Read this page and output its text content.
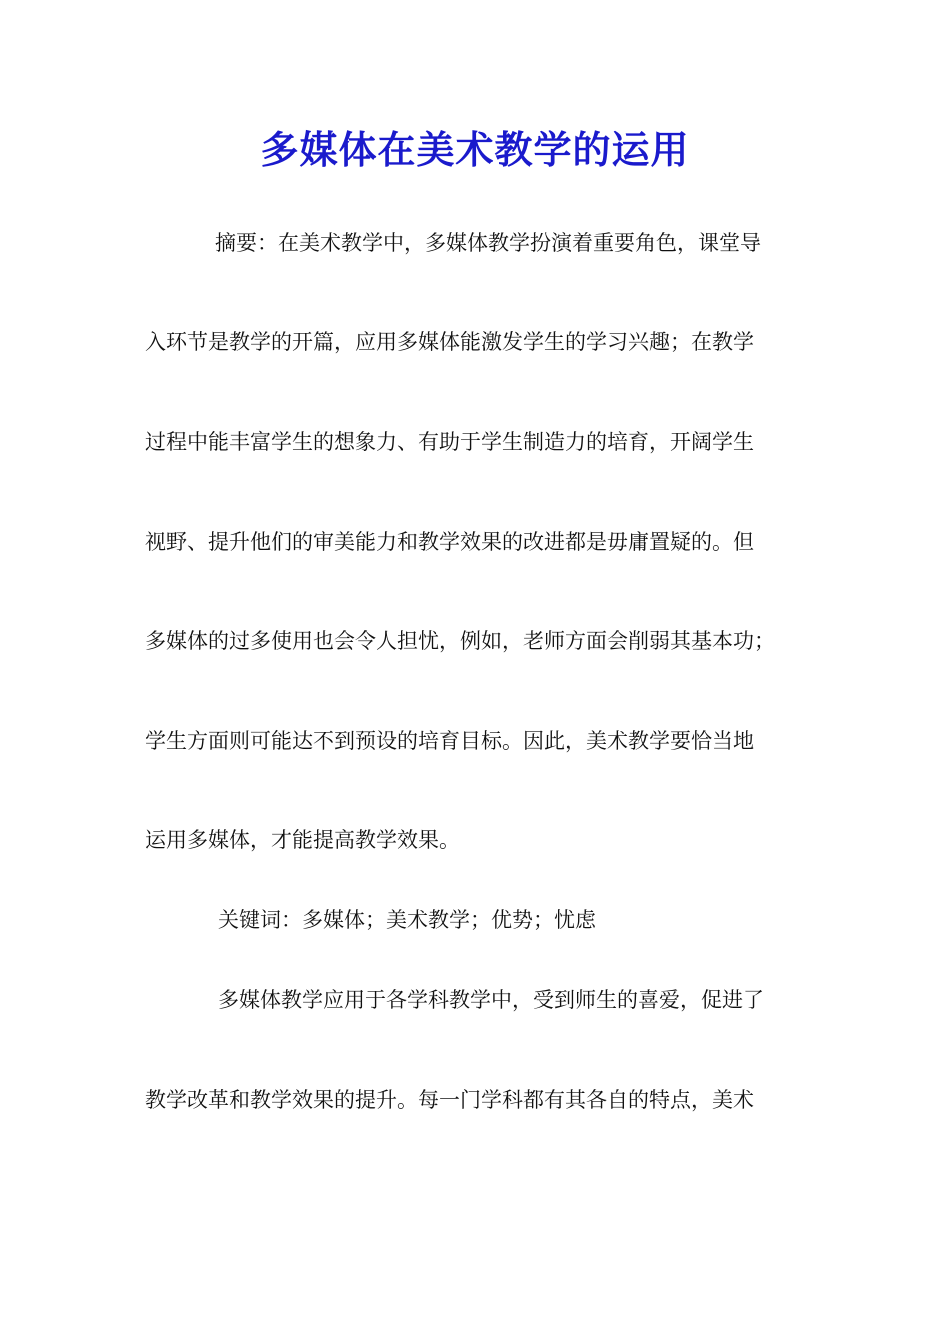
多媒体在美术教学的运用
摘要：在美术教学中，多媒体教学扮演着重要角色，课堂导
入环节是教学的开篇，应用多媒体能激发学生的学习兴趣；在教学
过程中能丰富学生的想象力、有助于学生制造力的培育，开阔学生
视野、提升他们的审美能力和教学效果的改进都是毋庸置疑的。但
多媒体的过多使用也会令人担忧，例如，老师方面会削弱其基本功；
学生方面则可能达不到预设的培育目标。因此，美术教学要恰当地
运用多媒体，才能提高教学效果。
关键词：多媒体；美术教学；优势；忧虑
多媒体教学应用于各学科教学中，受到师生的喜爱，促进了
教学改革和教学效果的提升。每一门学科都有其各自的特点，美术
